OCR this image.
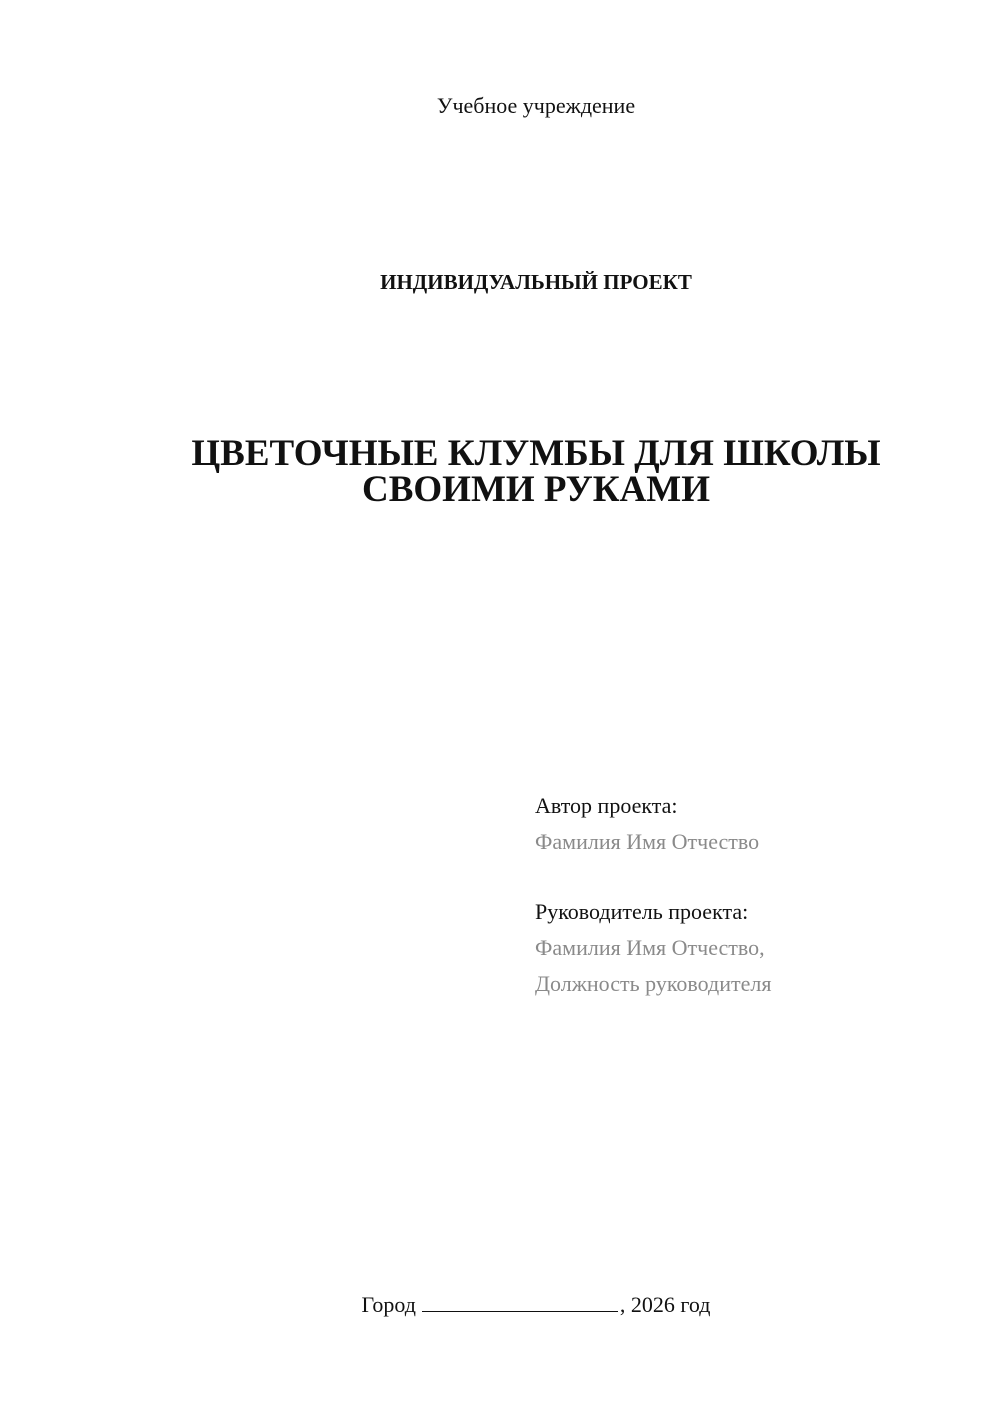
Учебное учреждение
ИНДИВИДУАЛЬНЫЙ ПРОЕКТ
ЦВЕТОЧНЫЕ КЛУМБЫ ДЛЯ ШКОЛЫ
СВОИМИ РУКАМИ
Автор проекта:
Фамилия Имя Отчество
Руководитель проекта:
Фамилия Имя Отчество,
Должность руководителя
Город	, 2026 год
